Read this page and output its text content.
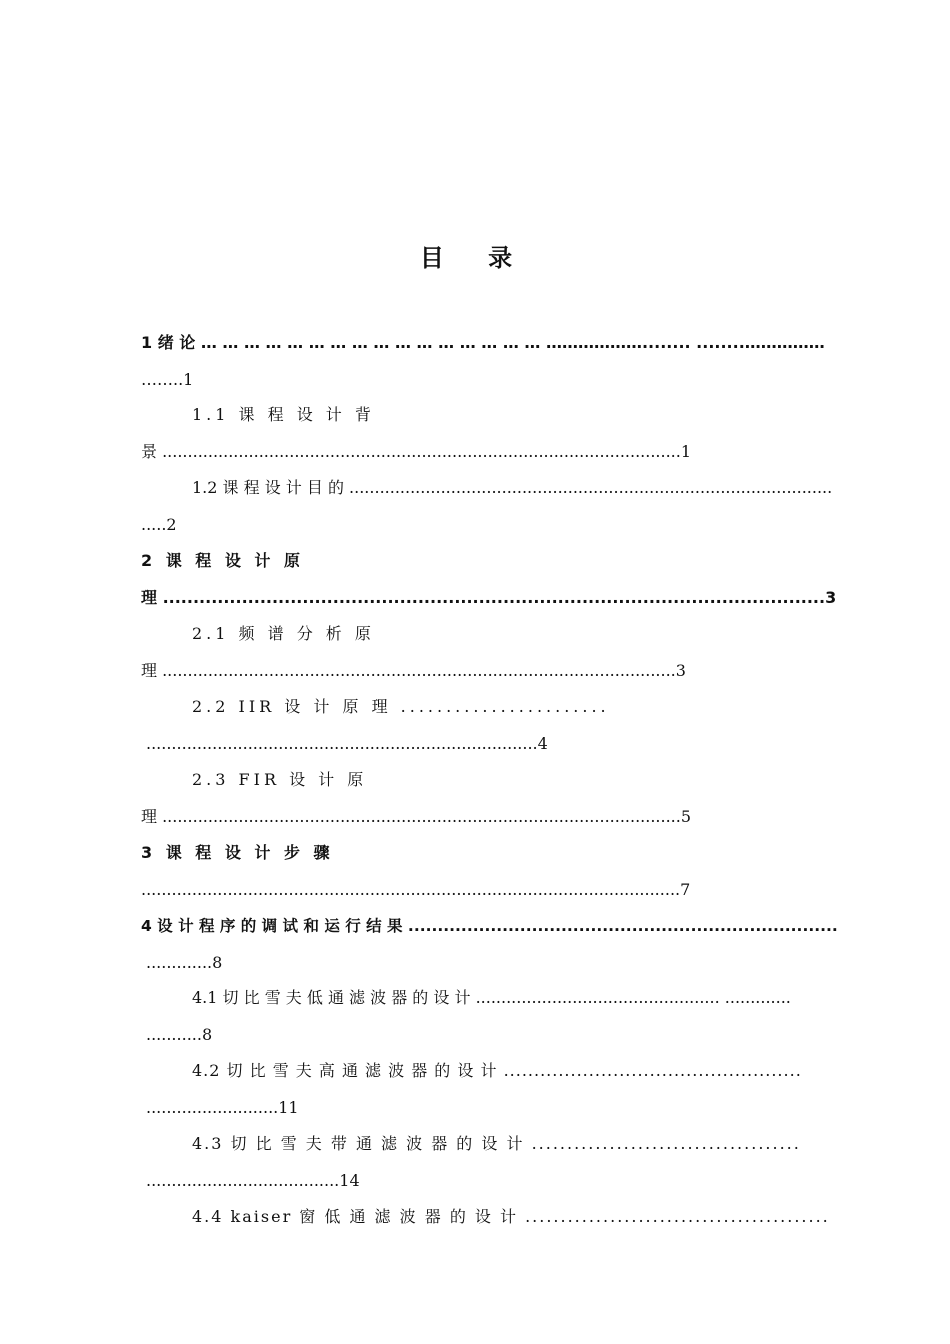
目 录
1 绪 论 … … … … … … … … … … … … … … … … ………………........ ........……………
……..1
1.1 课 程 设 计 背
景 ......................................................................................................1
1.2 课 程 设 计 目 的 ...............................................................................................
.....2
2 课 程 设 计 原
理 .............................................................................................................3
2.1 频 谱 分 析 原
理 .....................................................................................................3
2.2 IIR 设 计 原 理 .......................
.............................................................................4
2.3 FIR 设 计 原
理 ......................................................................................................5
3 课 程 设 计 步 骤
..........................................................................................................7
4 设 计 程 序 的 调 试 和 运 行 结 果 .........................................................................
.............8
4.1 切 比 雪 夫 低 通 滤 波 器 的 设 计 ................................................ .............
...........8
4.2 切 比 雪 夫 高 通 滤 波 器 的 设 计 .................................................
..........................11
4.3 切 比 雪 夫 带 通 滤 波 器 的 设 计 ......................................
......................................14
4.4 kaiser 窗 低 通 滤 波 器 的 设 计 ...........................................
